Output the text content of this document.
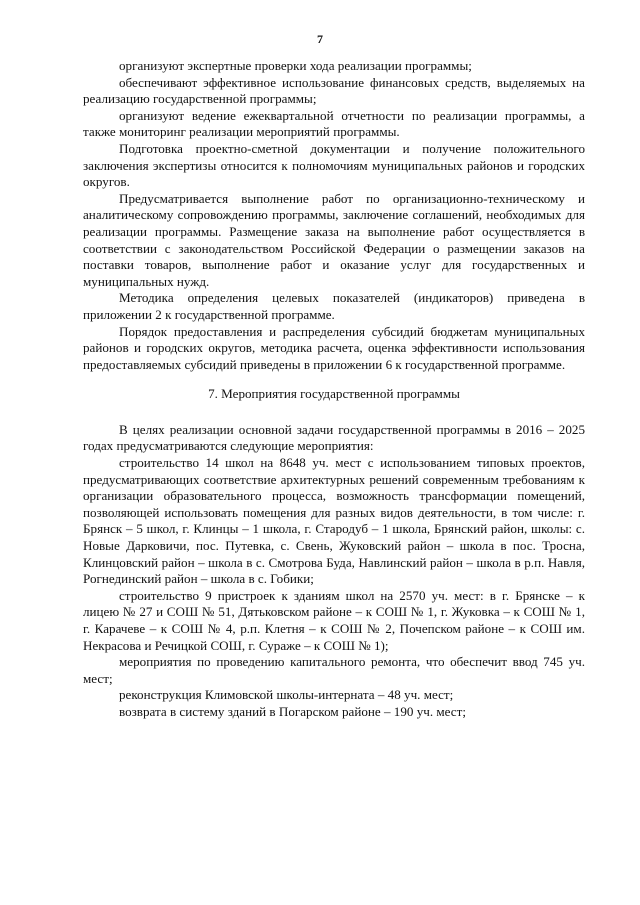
7

организуют экспертные проверки хода реализации программы;

обеспечивают эффективное использование финансовых средств, выделяемых на реализацию государственной программы;

организуют ведение ежеквартальной отчетности по реализации программы, а также мониторинг реализации мероприятий программы.

Подготовка проектно-сметной документации и получение положительного заключения экспертизы относится к полномочиям муниципальных районов и городских округов.

Предусматривается выполнение работ по организационно-техническому и аналитическому сопровождению программы, заключение соглашений, необходимых для реализации программы. Размещение заказа на выполнение работ осуществляется в соответствии с законодательством Российской Федерации о размещении заказов на поставки товаров, выполнение работ и оказание услуг для государственных и муниципальных нужд.

Методика определения целевых показателей (индикаторов) приведена в приложении 2 к государственной программе.

Порядок предоставления и распределения субсидий бюджетам муниципальных районов и городских округов, методика расчета, оценка эффективности использования предоставляемых субсидий приведены в приложении 6 к государственной программе.

7. Мероприятия государственной программы

В целях реализации основной задачи государственной программы в 2016 – 2025 годах предусматриваются следующие мероприятия:

строительство 14 школ на 8648 уч. мест с использованием типовых проектов, предусматривающих соответствие архитектурных решений современным требованиям к организации образовательного процесса, возможность трансформации помещений, позволяющей использовать помещения для разных видов деятельности, в том числе: г. Брянск – 5 школ, г. Клинцы – 1 школа, г. Стародуб – 1 школа, Брянский район, школы: с. Новые Дарковичи, пос. Путевка, с. Свень, Жуковский район – школа в пос. Тросна, Клинцовский район – школа в с. Смотрова Буда, Навлинский район – школа в р.п. Навля, Рогнединский район – школа в с. Гобики;

строительство 9 пристроек к зданиям школ на 2570 уч. мест: в г. Брянске – к лицею № 27 и СОШ № 51, Дятьковском районе – к СОШ № 1, г. Жуковка – к СОШ № 1, г. Карачеве – к СОШ № 4, р.п. Клетня – к СОШ № 2, Почепском районе – к СОШ им. Некрасова и Речицкой СОШ, г. Сураже – к СОШ № 1);

мероприятия по проведению капитального ремонта, что обеспечит ввод 745 уч. мест;

реконструкция Климовской школы-интерната – 48 уч. мест;

возврата в систему зданий в Погарском районе – 190 уч. мест;
